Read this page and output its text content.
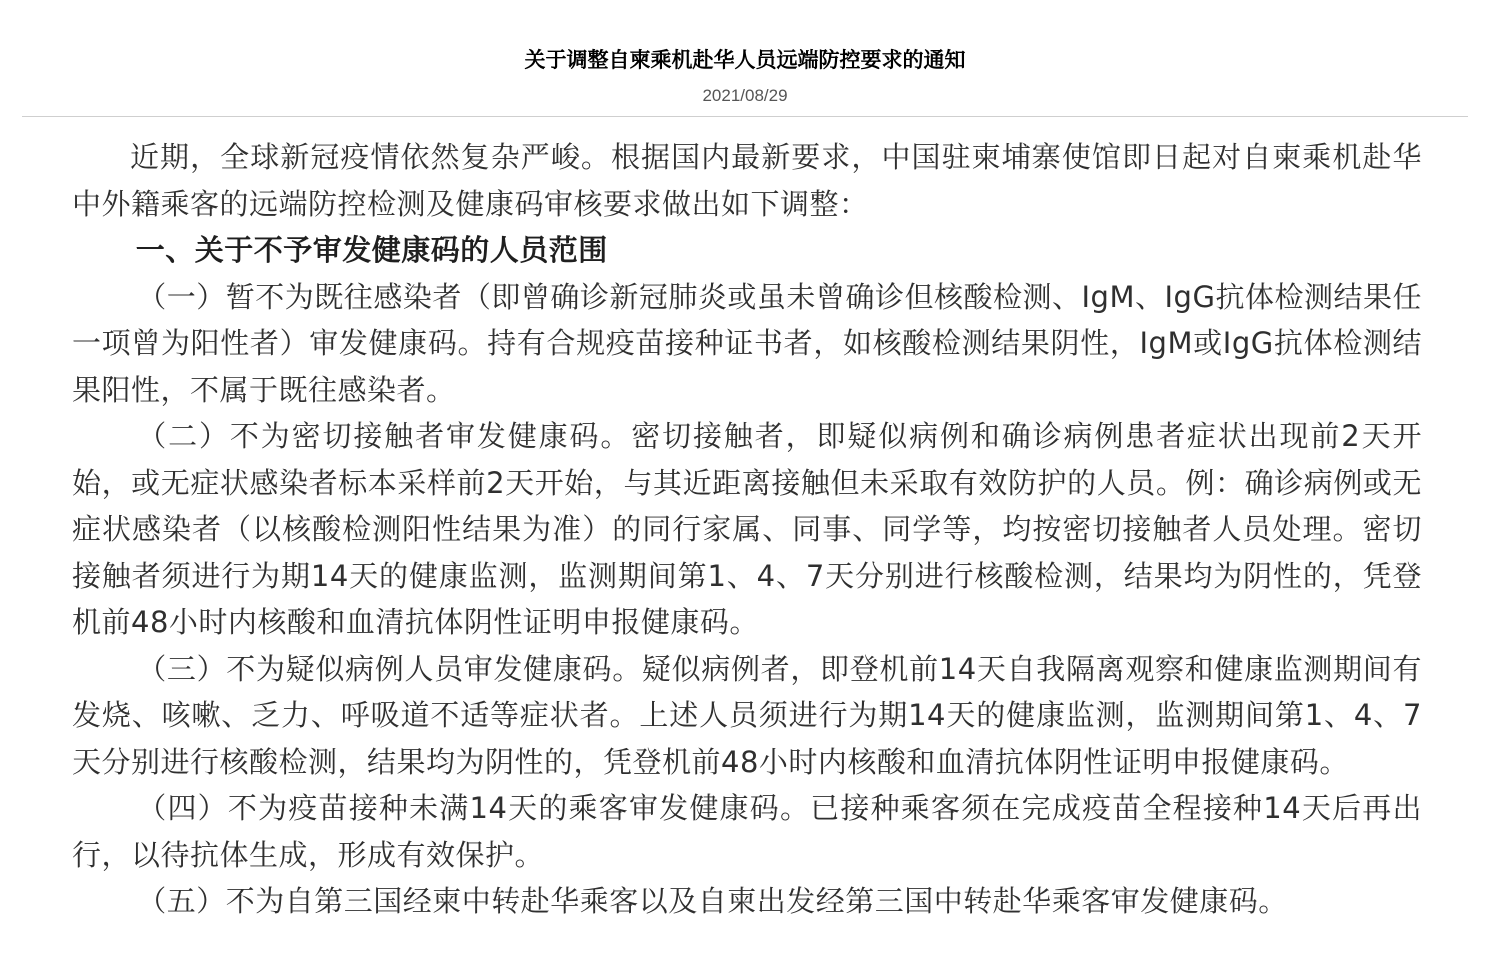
关于调整自柬乘机赴华人员远端防控要求的通知
2021/08/29

近期，全球新冠疫情依然复杂严峻。根据国内最新要求，中国驻柬埔寨使馆即日起对自柬乘机赴华中外籍乘客的远端防控检测及健康码审核要求做出如下调整：

一、关于不予审发健康码的人员范围

（一）暂不为既往感染者（即曾确诊新冠肺炎或虽未曾确诊但核酸检测、IgM、IgG抗体检测结果任一项曾为阳性者）审发健康码。持有合规疫苗接种证书者，如核酸检测结果阴性，IgM或IgG抗体检测结果阳性，不属于既往感染者。

（二）不为密切接触者审发健康码。密切接触者，即疑似病例和确诊病例患者症状出现前2天开始，或无症状感染者标本采样前2天开始，与其近距离接触但未采取有效防护的人员。例：确诊病例或无症状感染者（以核酸检测阳性结果为准）的同行家属、同事、同学等，均按密切接触者人员处理。密切接触者须进行为期14天的健康监测，监测期间第1、4、7天分别进行核酸检测，结果均为阴性的，凭登机前48小时内核酸和血清抗体阴性证明申报健康码。

（三）不为疑似病例人员审发健康码。疑似病例者，即登机前14天自我隔离观察和健康监测期间有发烧、咳嗽、乏力、呼吸道不适等症状者。上述人员须进行为期14天的健康监测，监测期间第1、4、7天分别进行核酸检测，结果均为阴性的，凭登机前48小时内核酸和血清抗体阴性证明申报健康码。

（四）不为疫苗接种未满14天的乘客审发健康码。已接种乘客须在完成疫苗全程接种14天后再出行，以待抗体生成，形成有效保护。

（五）不为自第三国经柬中转赴华乘客以及自柬出发经第三国中转赴华乘客审发健康码。
